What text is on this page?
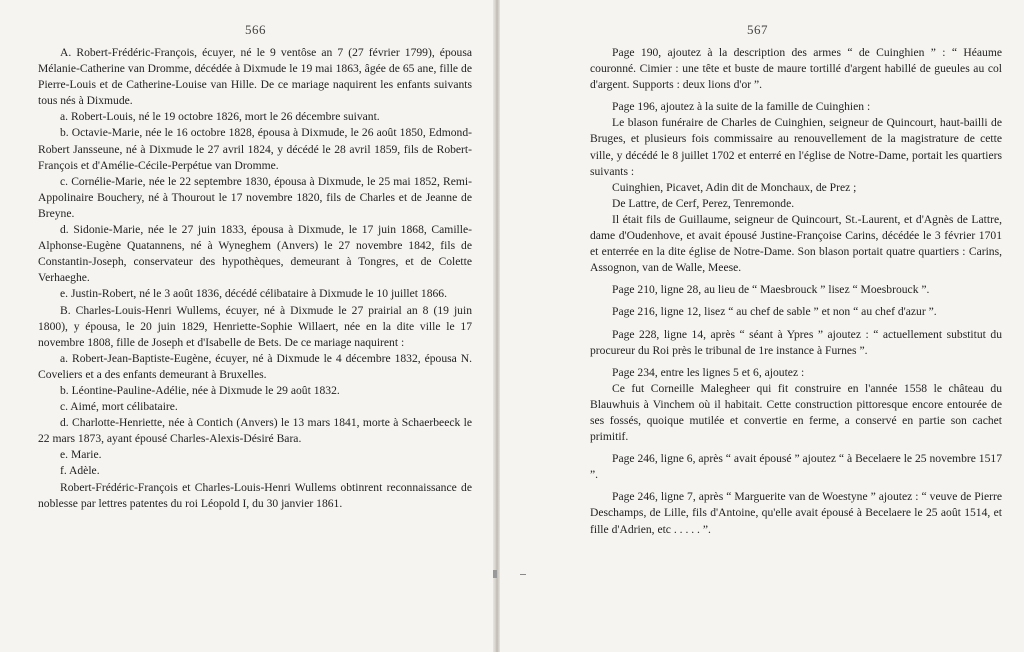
566

A. Robert-Frédéric-François, écuyer, né le 9 ventôse an 7 (27 février 1799), épousa Mélanie-Catherine van Dromme, décédée à Dixmude le 19 mai 1863, âgée de 65 ane, fille de Pierre-Louis et de Catherine-Louise van Hille. De ce mariage naquirent les enfants suivants tous nés à Dixmude.

a. Robert-Louis, né le 19 octobre 1826, mort le 26 décembre suivant.

b. Octavie-Marie, née le 16 octobre 1828, épousa à Dixmude, le 26 août 1850, Edmond-Robert Jansseune, né à Dixmude le 27 avril 1824, y décédé le 28 avril 1859, fils de Robert-François et d'Amélie-Cécile-Perpétue van Dromme.

c. Cornélie-Marie, née le 22 septembre 1830, épousa à Dixmude, le 25 mai 1852, Remi-Appolinaire Bouchery, né à Thourout le 17 novembre 1820, fils de Charles et de Jeanne de Breyne.

d. Sidonie-Marie, née le 27 juin 1833, épousa à Dixmude, le 17 juin 1868, Camille-Alphonse-Eugène Quatannens, né à Wyneghem (Anvers) le 27 novembre 1842, fils de Constantin-Joseph, conservateur des hypothèques, demeurant à Tongres, et de Colette Verhaeghe.

e. Justin-Robert, né le 3 août 1836, décédé célibataire à Dixmude le 10 juillet 1866.

B. Charles-Louis-Henri Wullems, écuyer, né à Dixmude le 27 prairial an 8 (19 juin 1800), y épousa, le 20 juin 1829, Henriette-Sophie Willaert, née en la dite ville le 17 novembre 1808, fille de Joseph et d'Isabelle de Bets. De ce mariage naquirent :

a. Robert-Jean-Baptiste-Eugène, écuyer, né à Dixmude le 4 décembre 1832, épousa N. Coveliers et a des enfants demeurant à Bruxelles.

b. Léontine-Pauline-Adélie, née à Dixmude le 29 août 1832.

c. Aimé, mort célibataire.

d. Charlotte-Henriette, née à Contich (Anvers) le 13 mars 1841, morte à Schaerbeeck le 22 mars 1873, ayant épousé Charles-Alexis-Désiré Bara.

e. Marie.

f. Adèle.

Robert-Frédéric-François et Charles-Louis-Henri Wullems obtinrent reconnaissance de noblesse par lettres patentes du roi Léopold I, du 30 janvier 1861.

567

Page 190, ajoutez à la description des armes “ de Cuinghien ” : “ Héaume couronné. Cimier : une tête et buste de maure tortillé d'argent habillé de gueules au col d'argent. Supports : deux lions d'or ”.

Page 196, ajoutez à la suite de la famille de Cuinghien :

Le blason funéraire de Charles de Cuinghien, seigneur de Quincourt, haut-bailli de Bruges, et plusieurs fois commissaire au renouvellement de la magistrature de cette ville, y décédé le 8 juillet 1702 et enterré en l'église de Notre-Dame, portait les quartiers suivants :

Cuinghien, Picavet, Adin dit de Monchaux, de Prez ;

De Lattre, de Cerf, Perez, Tenremonde.

Il était fils de Guillaume, seigneur de Quincourt, St.-Laurent, et d'Agnès de Lattre, dame d'Oudenhove, et avait épousé Justine-Françoise Carins, décédée le 3 février 1701 et enterrée en la dite église de Notre-Dame. Son blason portait quatre quartiers : Carins, Assognon, van de Walle, Meese.

Page 210, ligne 28, au lieu de “ Maesbrouck ” lisez “ Moesbrouck ”.

Page 216, ligne 12, lisez “ au chef de sable ” et non “ au chef d'azur ”.

Page 228, ligne 14, après “ séant à Ypres ” ajoutez : “ actuellement substitut du procureur du Roi près le tribunal de 1re instance à Furnes ”.

Page 234, entre les lignes 5 et 6, ajoutez :

Ce fut Corneille Malegheer qui fit construire en l'année 1558 le château du Blauwhuis à Vinchem où il habitait. Cette construction pittoresque encore entourée de ses fossés, quoique mutilée et convertie en ferme, a conservé en partie son cachet primitif.

Page 246, ligne 6, après “ avait épousé ” ajoutez “ à Becelaere le 25 novembre 1517 ”.

Page 246, ligne 7, après “ Marguerite van de Woestyne ” ajoutez : “ veuve de Pierre Deschamps, de Lille, fils d'Antoine, qu'elle avait épousé à Becelaere le 25 août 1514, et fille d'Adrien, etc . . . . . ”.
